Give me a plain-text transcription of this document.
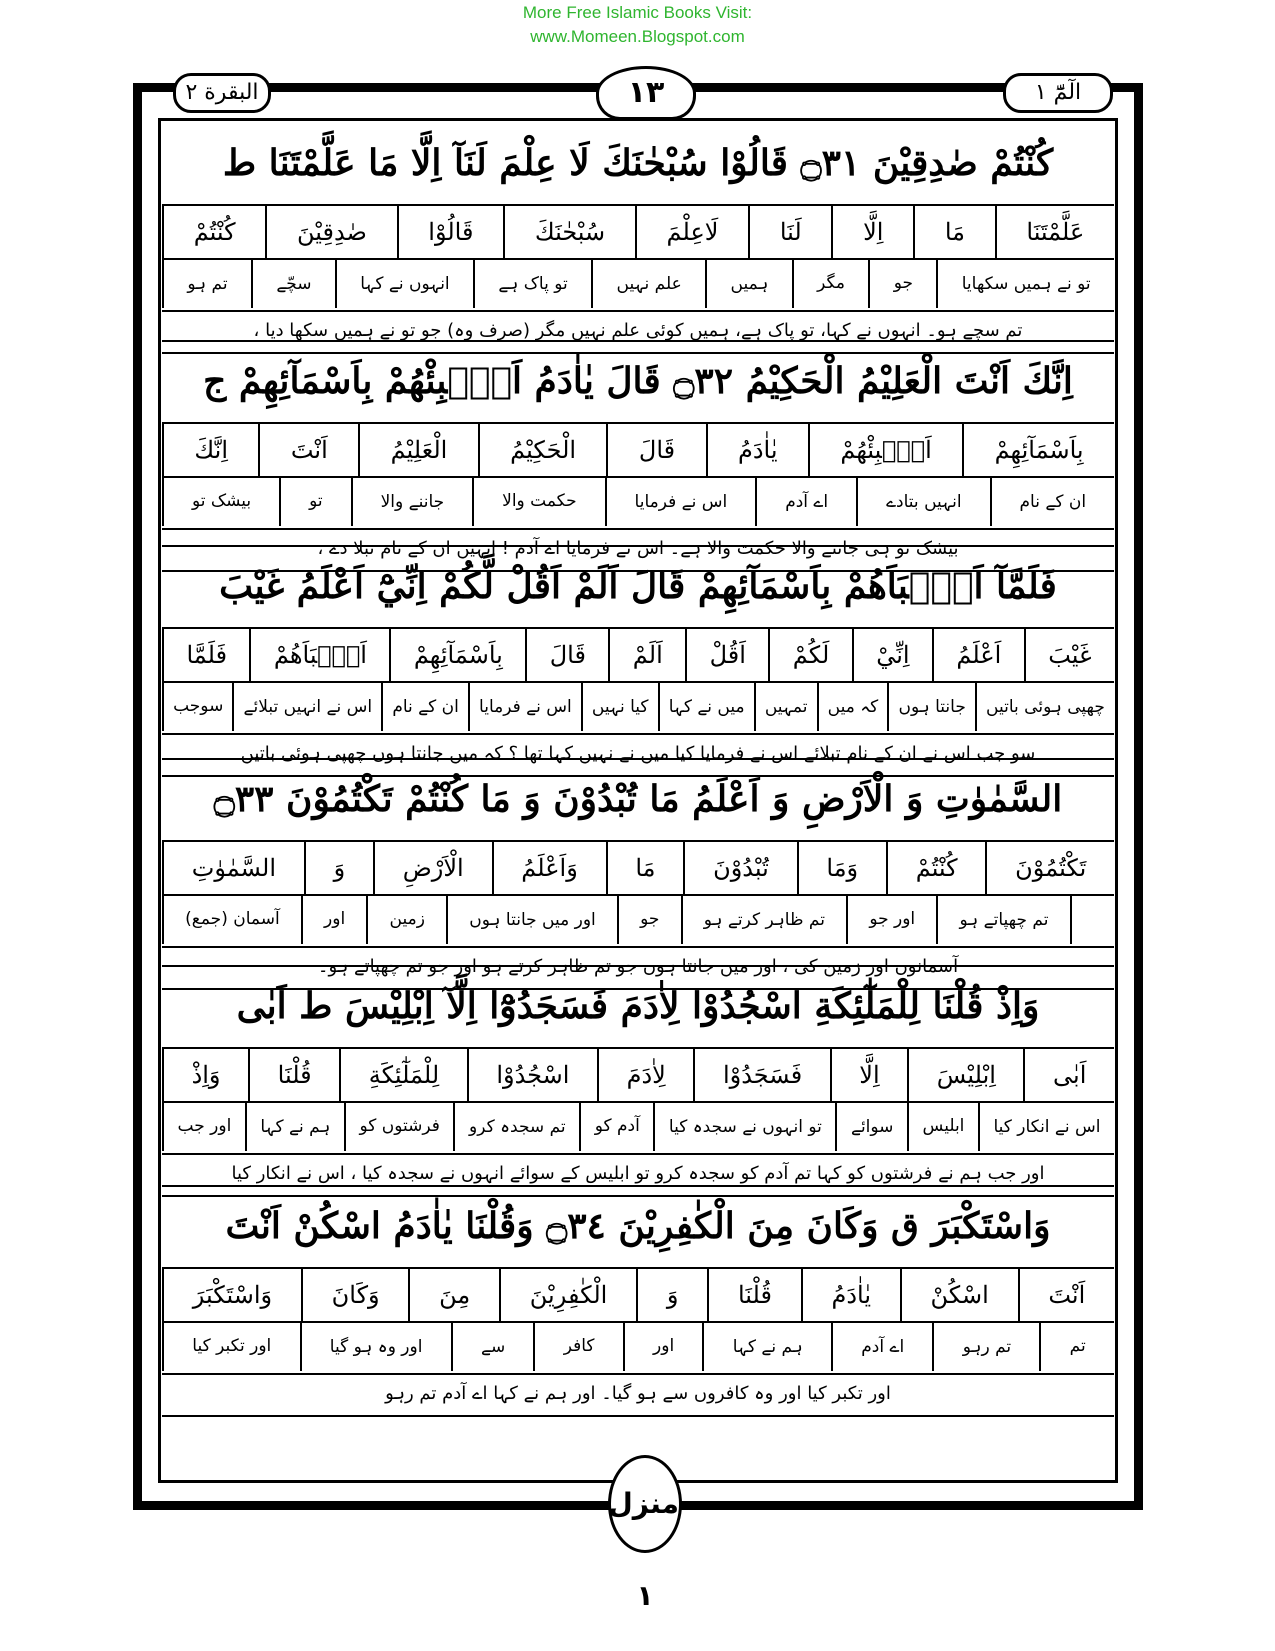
More Free Islamic Books Visit:
www.Momeen.Blogspot.com
البقرة ٢	۱۳	الٓمّٓ ١
كُنْتُمْ صٰدِقِيْنَ ۝٣١ قَالُوْا سُبْحٰنَكَ لَا عِلْمَ لَنَآ اِلَّا مَا عَلَّمْتَنَا ط
كُنْتُمْ	صٰدِقِيْنَ	قَالُوْا	سُبْحٰنَكَ	لَاعِلْمَ	لَنَا	اِلَّا	مَا	عَلَّمْتَنَا
تم ہو	سچّے	انہوں نے کہا	تو پاک ہے	علم نہیں	ہمیں	مگر	جو	تو نے ہمیں سکھایا
تم سچے ہو۔ انہوں نے کہا، تو پاک ہے، ہمیں کوئی علم نہیں مگر (صرف وہ) جو تو نے ہمیں سکھا دیا ،
اِنَّكَ اَنْتَ الْعَلِيْمُ الْحَكِيْمُ ۝٣٢ قَالَ يٰاٰدَمُ اَنْۢبِئْهُمْ بِاَسْمَآئِهِمْ ج
اِنَّكَ	اَنْتَ	الْعَلِيْمُ	الْحَكِيْمُ	قَالَ	يٰاٰدَمُ	اَنْۢبِئْهُمْ	بِاَسْمَآئِهِمْ
بیشک تو	تو	جاننے والا	حکمت والا	اس نے فرمایا	اے آدم	انہیں بتادے	ان کے نام
بیشک تو ہی جاننے والا حکمت والا ہے۔ اس نے فرمایا اے آدم ! انہیں ان کے نام تبلا دے ،
فَلَمَّآ اَنْۢبَاَهُمْ بِاَسْمَآئِهِمْ قَالَ اَلَمْ اَقُلْ لَّكُمْ اِنِّيْٓ اَعْلَمُ غَيْبَ
فَلَمَّا	اَنْۢبَاَهُمْ	بِاَسْمَآئِهِمْ	قَالَ	اَلَمْ	اَقُلْ	لَكُمْ	اِنِّيْ	اَعْلَمُ	غَيْبَ
سوجب	اس نے انہیں تبلائے	ان کے نام	اس نے فرمایا	کیا نہیں	میں نے کہا	تمہیں	کہ میں	جانتا ہوں	چھپی ہوئی باتیں
سو جب اس نے ان کے نام تبلائے اس نے فرمایا کیا میں نے نہیں کہا تھا ؟ کہ میں جانتا ہوں چھپی ہوئی باتیں
السَّمٰوٰتِ وَ الْاَرْضِ وَ اَعْلَمُ مَا تُبْدُوْنَ وَ مَا كُنْتُمْ تَكْتُمُوْنَ ۝٣٣
السَّمٰوٰتِ	وَ	الْاَرْضِ	وَاَعْلَمُ	مَا	تُبْدُوْنَ	وَمَا	كُنْتُمْ	تَكْتُمُوْنَ
آسمان (جمع)	اور	زمین	اور میں جانتا ہوں	جو	تم ظاہر کرتے ہو	اور جو	تم چھپاتے ہو
آسمانوں اور زمین کی ، اور میں جانتا ہوں جو تم ظاہر کرتے ہو اور جو تم چھپاتے ہو۔
وَاِذْ قُلْنَا لِلْمَلٰٓئِكَةِ اسْجُدُوْا لِاٰدَمَ فَسَجَدُوْٓا اِلَّآ اِبْلِيْسَ ط اَبٰى
وَاِذْ	قُلْنَا	لِلْمَلٰٓئِكَةِ	اسْجُدُوْا	لِاٰدَمَ	فَسَجَدُوْا	اِلَّا	اِبْلِيْسَ	اَبٰى
اور جب	ہم نے کہا	فرشتوں کو	تم سجدہ کرو	آدم کو	تو انہوں نے سجدہ کیا	سوائے	ابلیس	اس نے انکار کیا
اور جب ہم نے فرشتوں کو کہا تم آدم کو سجدہ کرو تو ابلیس کے سوائے انہوں نے سجدہ کیا ، اس نے انکار کیا
وَاسْتَكْبَرَ ق وَكَانَ مِنَ الْكٰفِرِيْنَ ۝٣٤ وَقُلْنَا يٰاٰدَمُ اسْكُنْ اَنْتَ
وَاسْتَكْبَرَ	وَكَانَ	مِنَ	الْكٰفِرِيْنَ	وَ	قُلْنَا	يٰاٰدَمُ	اسْكُنْ	اَنْتَ
اور تکبر کیا	اور وہ ہو گیا	سے	کافر	اور	ہم نے کہا	اے آدم	تم رہو	تم
اور تکبر کیا اور وہ کافروں سے ہو گیا۔ اور ہم نے کہا اے آدم تم رہو
منزل ١
